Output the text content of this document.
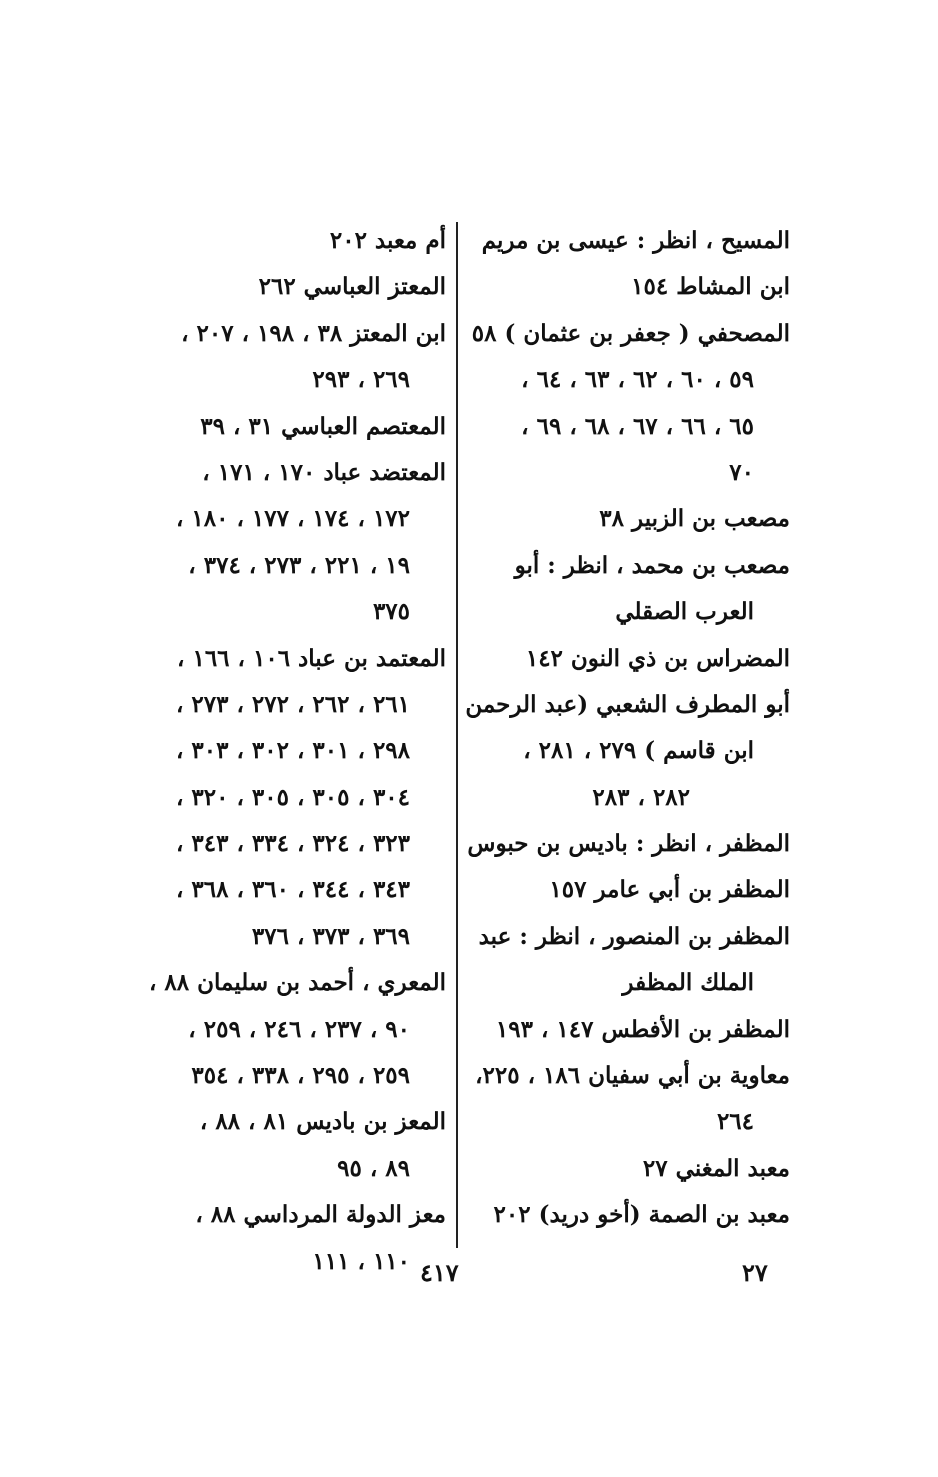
المسيح ، انظر : عيسى بن مريم
ابن المشاط ١٥٤
المصحفي ( جعفر بن عثمان ) ٥٨
٥٩ ، ٦٠ ، ٦٢ ، ٦٣ ، ٦٤ ،
٦٥ ، ٦٦ ، ٦٧ ، ٦٨ ، ٦٩ ،
٧٠
مصعب بن الزبير ٣٨
مصعب بن محمد ، انظر : أبو
العرب الصقلي
المضراس بن ذي النون ١٤٢
أبو المطرف الشعبي (عبد الرحمن
ابن قاسم ) ٢٧٩ ، ٢٨١ ،
٢٨٢ ، ٢٨٣
المظفر ، انظر : باديس بن حبوس
المظفر بن أبي عامر ١٥٧
المظفر بن المنصور ، انظر : عبد
الملك المظفر
المظفر بن الأفطس ١٤٧ ، ١٩٣
معاوية بن أبي سفيان ١٨٦ ، ٢٢٥،
٢٦٤
معبد المغني ٢٧
معبد بن الصمة (أخو دريد) ٢٠٢
أم معبد ٢٠٢
المعتز العباسي ٢٦٢
ابن المعتز ٣٨ ، ١٩٨ ، ٢٠٧ ،
٢٦٩ ، ٢٩٣
المعتصم العباسي ٣١ ، ٣٩
المعتضد عباد ١٧٠ ، ١٧١ ،
١٧٢ ، ١٧٤ ، ١٧٧ ، ١٨٠ ،
١٩ ، ٢٢١ ، ٢٧٣ ، ٣٧٤ ،
٣٧٥
المعتمد بن عباد ١٠٦ ، ١٦٦ ،
٢٦١ ، ٢٦٢ ، ٢٧٢ ، ٢٧٣ ،
٢٩٨ ، ٣٠١ ، ٣٠٢ ، ٣٠٣ ،
٣٠٤ ، ٣٠٥ ، ٣٠٥ ، ٣٢٠ ،
٣٢٣ ، ٣٢٤ ، ٣٣٤ ، ٣٤٣ ،
٣٤٣ ، ٣٤٤ ، ٣٦٠ ، ٣٦٨ ،
٣٦٩ ، ٣٧٣ ، ٣٧٦
المعري ، أحمد بن سليمان ٨٨ ،
٩٠ ، ٢٣٧ ، ٢٤٦ ، ٢٥٩ ،
٢٥٩ ، ٢٩٥ ، ٣٣٨ ، ٣٥٤
المعز بن باديس ٨١ ، ٨٨ ،
٨٩ ، ٩٥
معز الدولة المرداسي ٨٨ ،
١١٠ ، ١١١ ٤١٧	٢٧
